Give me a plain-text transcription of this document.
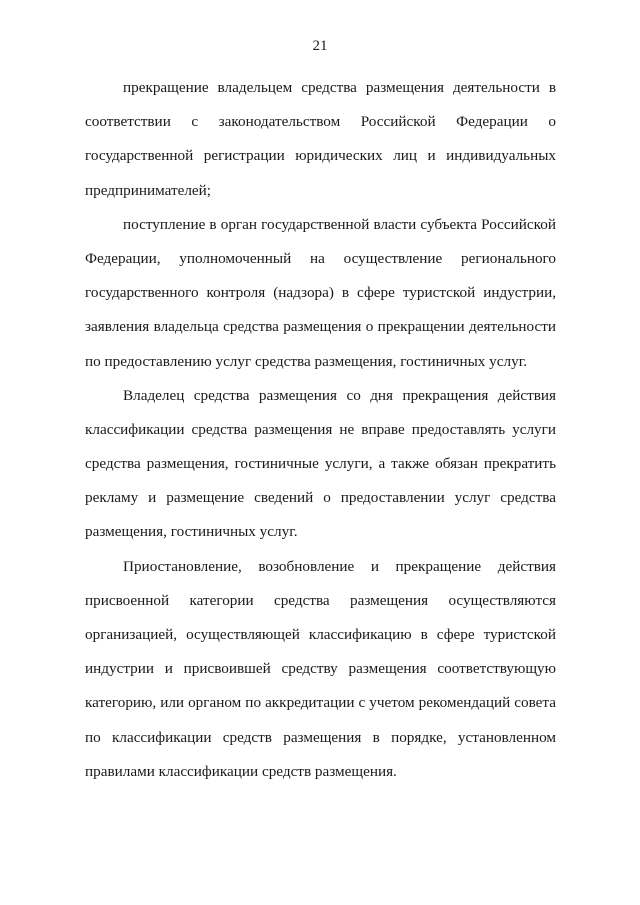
21
прекращение владельцем средства размещения деятельности в
соответствии с законодательством Российской Федерации о
государственной регистрации юридических лиц и индивидуальных
предпринимателей;
поступление в орган государственной власти субъекта Российской
Федерации, уполномоченный на осуществление регионального
государственного контроля (надзора) в сфере туристской индустрии,
заявления владельца средства размещения о прекращении деятельности
по предоставлению услуг средства размещения, гостиничных услуг.
Владелец средства размещения со дня прекращения действия
классификации средства размещения не вправе предоставлять услуги
средства размещения, гостиничные услуги, а также обязан прекратить
рекламу и размещение сведений о предоставлении услуг средства
размещения, гостиничных услуг.
Приостановление, возобновление и прекращение действия
присвоенной категории средства размещения осуществляются
организацией, осуществляющей классификацию в сфере туристской
индустрии и присвоившей средству размещения соответствующую
категорию, или органом по аккредитации с учетом рекомендаций совета
по классификации средств размещения в порядке, установленном
правилами классификации средств размещения.
